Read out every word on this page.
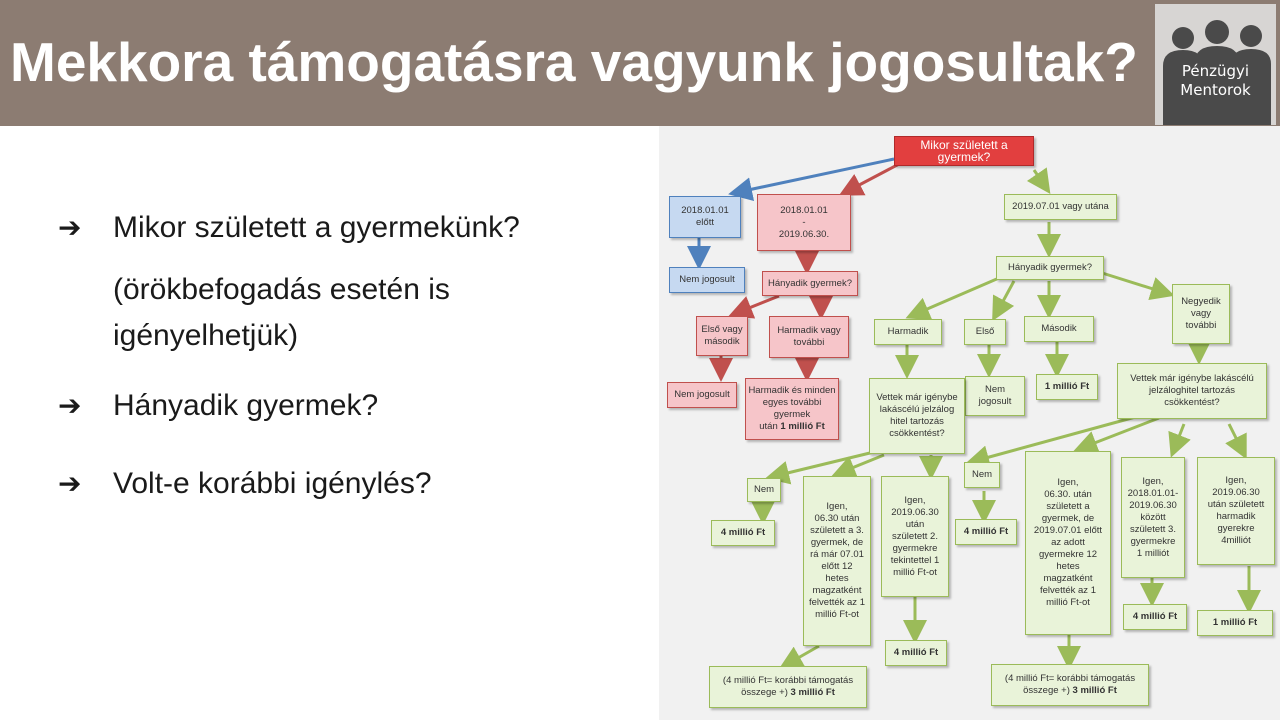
Mekkora támogatásra vagyunk jogosultak?	Pénzügyi
Mentorok
➔	Mikor született a gyermekünk?
(örökbefogadás esetén is
igényelhetjük)
➔	Hányadik gyermek?
➔	Volt-e korábbi igénylés?
Mikor született a gyermek?
2018.01.01
előtt
Nem jogosult
2018.01.01
-
2019.06.30.
Hányadik gyermek?
Első vagy
második
Harmadik vagy
további
Nem jogosult	Harmadik és minden
egyes további gyermek
után 1 millió Ft
2019.07.01 vagy utána
Hányadik gyermek?
Harmadik	Első	Második
Negyedik
vagy
további
Nem
jogosult
1 millió Ft
Vettek már igénybe
lakáscélú jelzálog
hitel tartozás
csökkentést?
Vettek már igénybe lakáscélú
jelzáloghitel tartozás
csökkentést?
Nem
4 millió Ft
Igen,
06.30 után
született a 3.
gyermek, de
rá már 07.01
előtt 12
hetes
magzatként
felvették az 1
millió Ft-ot
Igen,
2019.06.30
után
született 2.
gyermekre
tekintettel 1
millió Ft-ot
4 millió Ft
(4 millió Ft= korábbi támogatás
összege +) 3 millió Ft
Nem
4 millió Ft
Igen,
06.30. után
született a
gyermek, de
2019.07.01 előtt
az adott
gyermekre 12
hetes
magzatként
felvették az 1
millió Ft-ot
(4 millió Ft= korábbi támogatás
összege +) 3 millió Ft
Igen,
2018.01.01-
2019.06.30
között
született 3.
gyermekre
1 milliót
4 millió Ft
Igen,
2019.06.30
után született
harmadik
gyerekre
4milliót
1 millió Ft
